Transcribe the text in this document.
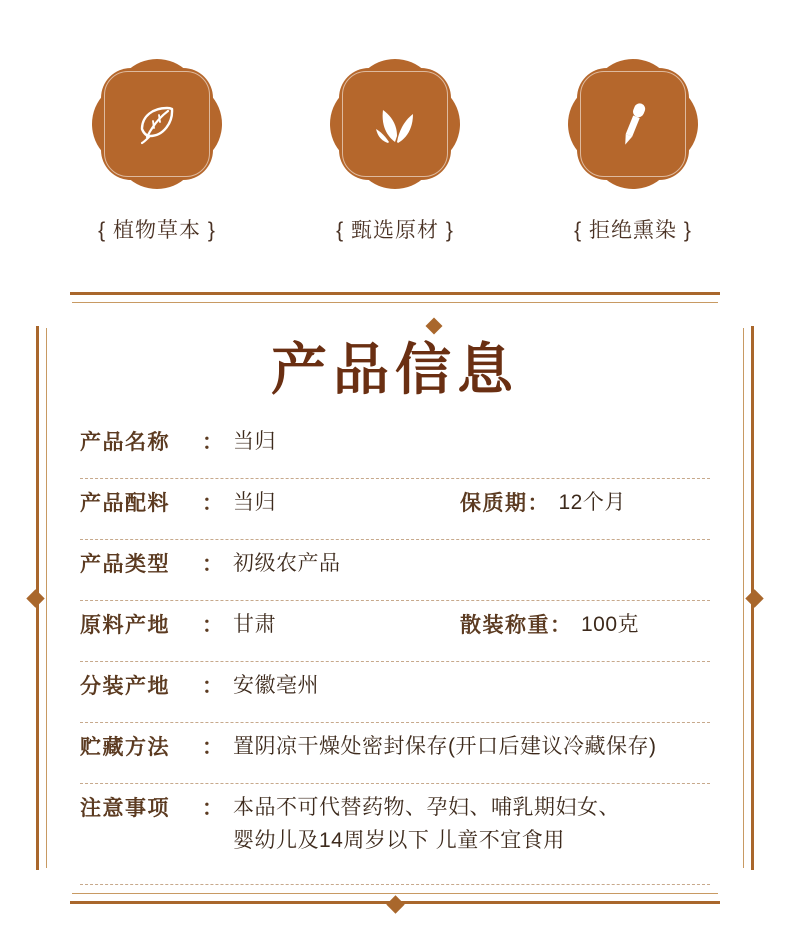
{ 植物草本 }	{ 甄选原材 }	{ 拒绝熏染 }
产品信息
产品名称	： 当归
产品配料	： 当归	保质期 ： 12个月
产品类型	： 初级农产品
原料产地	： 甘肃	散装称重 ： 100克
分装产地	： 安徽亳州
贮藏方法	： 置阴凉干燥处密封保存(开口后建议冷藏保存)
注意事项	： 本品不可代替药物、孕妇、哺乳期妇女、
婴幼儿及14周岁以下 儿童不宜食用
